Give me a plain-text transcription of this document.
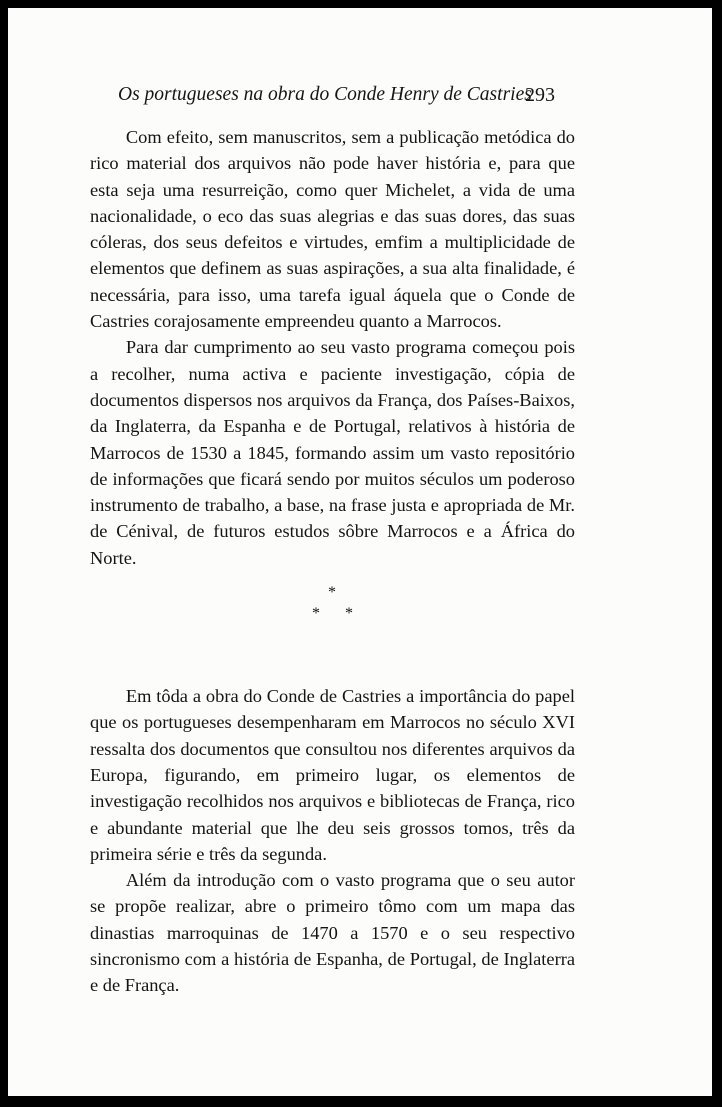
Os portugueses na obra do Conde Henry de Castries
293

Com efeito, sem manuscritos, sem a publicação metódica do rico material dos arquivos não pode haver história e, para que esta seja uma resurreição, como quer Michelet, a vida de uma nacionalidade, o eco das suas alegrias e das suas dores, das suas cóleras, dos seus defeitos e virtudes, emfim a multiplicidade de elementos que definem as suas aspirações, a sua alta finalidade, é necessária, para isso, uma tarefa igual áquela que o Conde de Castries corajosamente empreendeu quanto a Marrocos.

Para dar cumprimento ao seu vasto programa começou pois a recolher, numa activa e paciente investigação, cópia de documentos dispersos nos arquivos da França, dos Países-Baixos, da Inglaterra, da Espanha e de Portugal, relativos à história de Marrocos de 1530 a 1845, formando assim um vasto repositório de informações que ficará sendo por muitos séculos um poderoso instrumento de trabalho, a base, na frase justa e apropriada de Mr. de Cénival, de futuros estudos sôbre Marrocos e a África do Norte.

*
* *

Em tôda a obra do Conde de Castries a importância do papel que os portugueses desempenharam em Marrocos no século XVI ressalta dos documentos que consultou nos diferentes arquivos da Europa, figurando, em primeiro lugar, os elementos de investigação recolhidos nos arquivos e bibliotecas de França, rico e abundante material que lhe deu seis grossos tomos, três da primeira série e três da segunda.

Além da introdução com o vasto programa que o seu autor se propõe realizar, abre o primeiro tômo com um mapa das dinastias marroquinas de 1470 a 1570 e o seu respectivo sincronismo com a história de Espanha, de Portugal, de Inglaterra e de França.
